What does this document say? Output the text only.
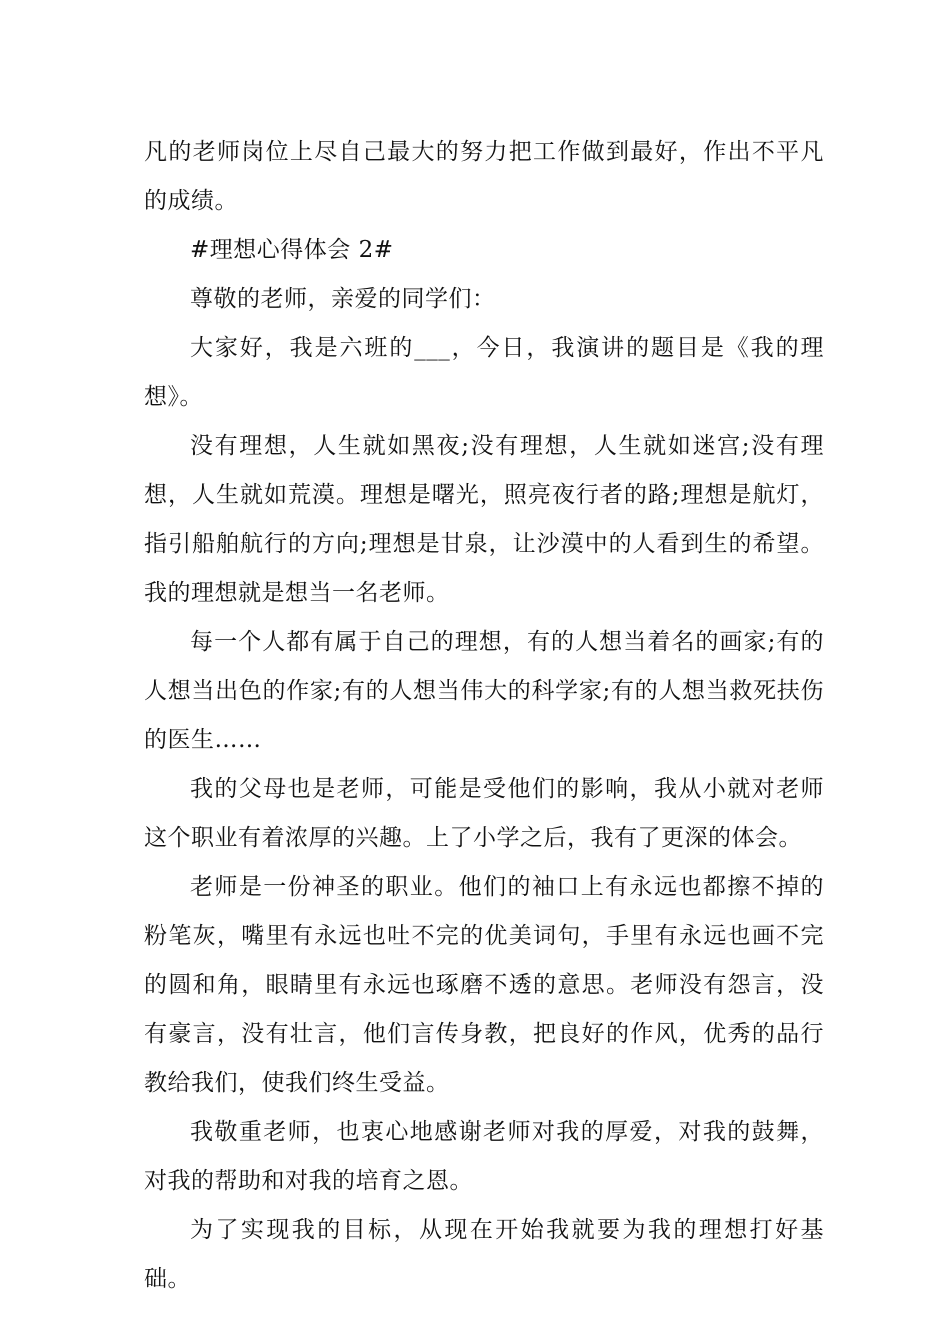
凡的老师岗位上尽自己最大的努力把工作做到最好，作出不平凡的成绩。

#理想心得体会 2#

尊敬的老师，亲爱的同学们：

大家好，我是六班的___，今日，我演讲的题目是《我的理想》。

没有理想，人生就如黑夜;没有理想，人生就如迷宫;没有理想，人生就如荒漠。理想是曙光，照亮夜行者的路;理想是航灯，指引船舶航行的方向;理想是甘泉，让沙漠中的人看到生的希望。我的理想就是想当一名老师。

每一个人都有属于自己的理想，有的人想当着名的画家;有的人想当出色的作家;有的人想当伟大的科学家;有的人想当救死扶伤的医生……

我的父母也是老师，可能是受他们的影响，我从小就对老师这个职业有着浓厚的兴趣。上了小学之后，我有了更深的体会。

老师是一份神圣的职业。他们的袖口上有永远也都擦不掉的粉笔灰，嘴里有永远也吐不完的优美词句，手里有永远也画不完的圆和角，眼睛里有永远也琢磨不透的意思。老师没有怨言，没有豪言，没有壮言，他们言传身教，把良好的作风，优秀的品行教给我们，使我们终生受益。

我敬重老师，也衷心地感谢老师对我的厚爱，对我的鼓舞，对我的帮助和对我的培育之恩。

为了实现我的目标，从现在开始我就要为我的理想打好基础。
